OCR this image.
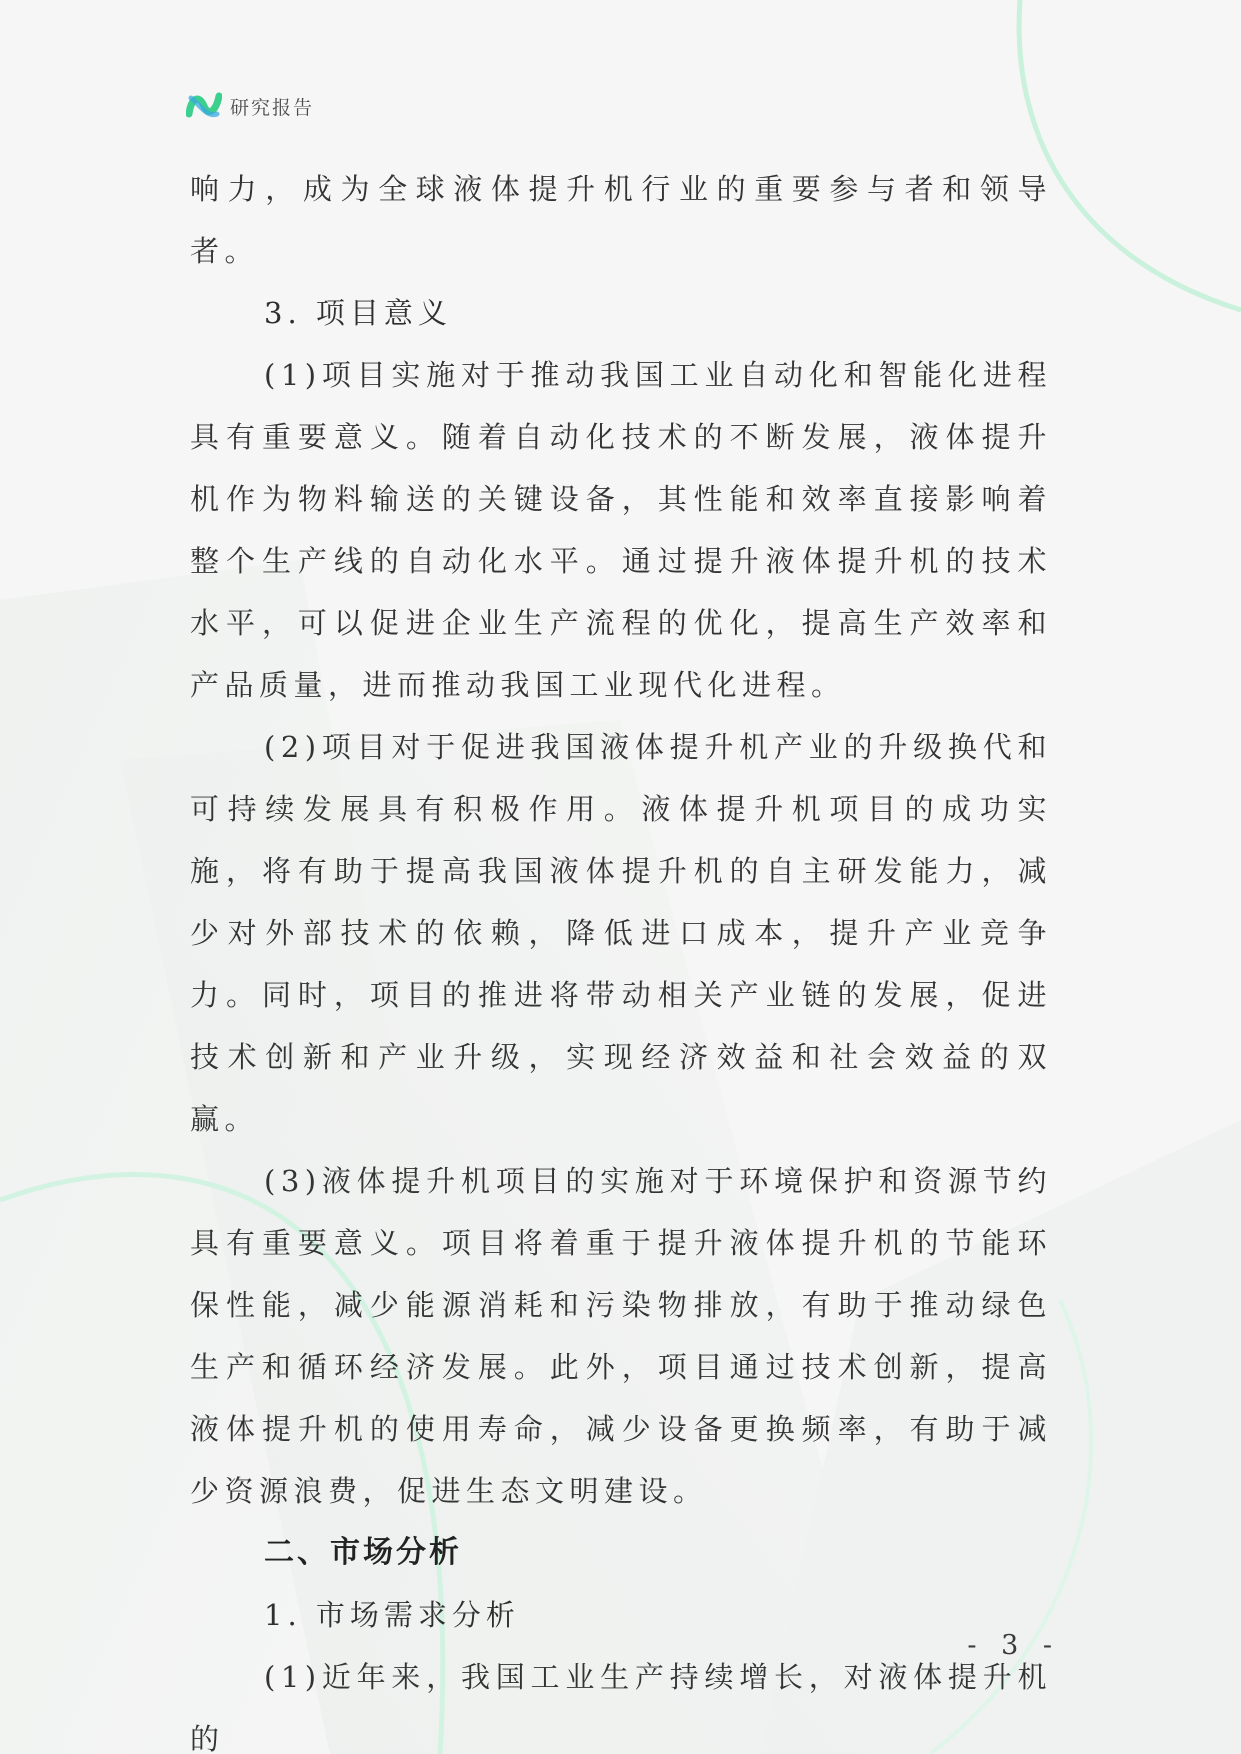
研究报告

响力，成为全球液体提升机行业的重要参与者和领导者。

3. 项目意义

(1)项目实施对于推动我国工业自动化和智能化进程具有重要意义。随着自动化技术的不断发展，液体提升机作为物料输送的关键设备，其性能和效率直接影响着整个生产线的自动化水平。通过提升液体提升机的技术水平，可以促进企业生产流程的优化，提高生产效率和产品质量，进而推动我国工业现代化进程。

(2)项目对于促进我国液体提升机产业的升级换代和可持续发展具有积极作用。液体提升机项目的成功实施，将有助于提高我国液体提升机的自主研发能力，减少对外部技术的依赖，降低进口成本，提升产业竞争力。同时，项目的推进将带动相关产业链的发展，促进技术创新和产业升级，实现经济效益和社会效益的双赢。

(3)液体提升机项目的实施对于环境保护和资源节约具有重要意义。项目将着重于提升液体提升机的节能环保性能，减少能源消耗和污染物排放，有助于推动绿色生产和循环经济发展。此外，项目通过技术创新，提高液体提升机的使用寿命，减少设备更换频率，有助于减少资源浪费，促进生态文明建设。

二、市场分析

1. 市场需求分析

(1)近年来，我国工业生产持续增长，对液体提升机的

- 3 -
